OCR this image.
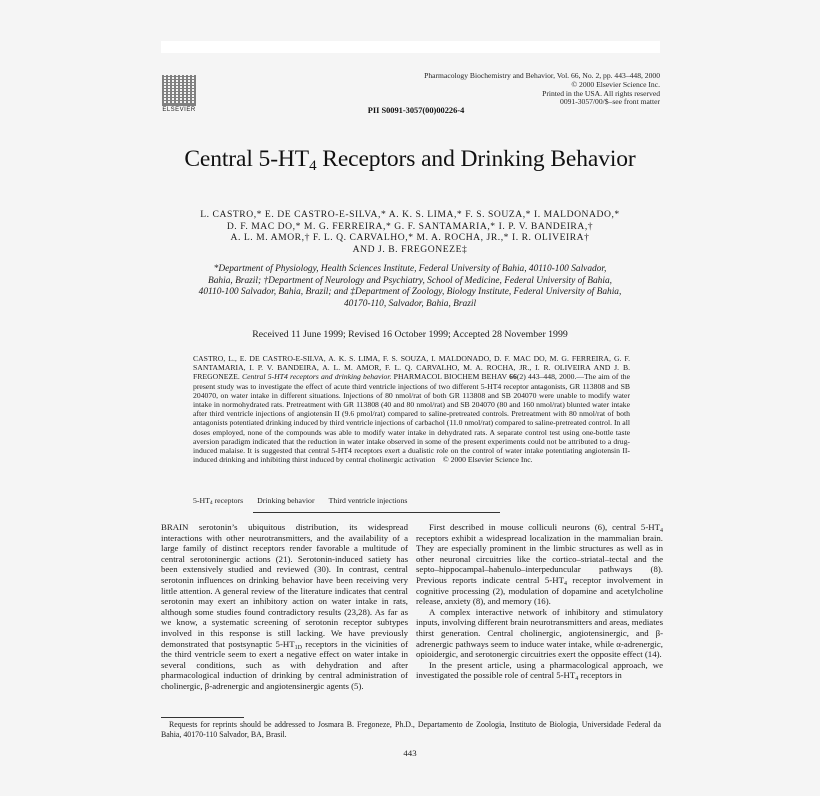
ELSEVIER
Pharmacology Biochemistry and Behavior, Vol. 66, No. 2, pp. 443–448, 2000
© 2000 Elsevier Science Inc.
Printed in the USA. All rights reserved
0091-3057/00/$–see front matter
PII S0091-3057(00)00226-4
Central $5-HT_4$ Receptors and Drinking Behavior
L. CASTRO,* E. DE CASTRO-E-SILVA,* A. K. S. LIMA,* F. S. SOUZA,* I. MALDONADO,*
D. F. MAC DO,* M. G. FERREIRA,* G. F. SANTAMARIA,* I. P. V. BANDEIRA,†
A. L. M. AMOR,† F. L. Q. CARVALHO,* M. A. ROCHA, JR.,* I. R. OLIVEIRA†
AND J. B. FREGONEZE‡
*Department of Physiology, Health Sciences Institute, Federal University of Bahia, 40110-100 Salvador,
Bahia, Brazil; †Department of Neurology and Psychiatry, School of Medicine, Federal University of Bahia,
40110-100 Salvador, Bahia, Brazil; and ‡Department of Zoology, Biology Institute, Federal University of Bahia,
40170-110, Salvador, Bahia, Brazil
Received 11 June 1999; Revised 16 October 1999; Accepted 28 November 1999
CASTRO, L., E. DE CASTRO-E-SILVA, A. K. S. LIMA, F. S. SOUZA, I. MALDONADO, D. F. MAC DO, M. G. FERREIRA, G. F. SANTAMARIA, I. P. V. BANDEIRA, A. L. M. AMOR, F. L. Q. CARVALHO, M. A. ROCHA, JR., I. R. OLIVEIRA AND J. B. FREGONEZE. Central 5-HT4 receptors and drinking behavior. PHARMACOL BIOCHEM BEHAV 66(2) 443–448, 2000.—The aim of the present study was to investigate the effect of acute third ventricle injections of two different 5-HT4 receptor antagonists, GR 113808 and SB 204070, on water intake in different situations. Injections of 80 nmol/rat of both GR 113808 and SB 204070 were unable to modify water intake in normohydrated rats. Pretreatment with GR 113808 (40 and 80 nmol/rat) and SB 204070 (80 and 160 nmol/rat) blunted water intake after third ventricle injections of angiotensin II (9.6 pmol/rat) compared to saline-pretreated controls. Pretreatment with 80 nmol/rat of both antagonists potentiated drinking induced by third ventricle injections of carbachol (11.0 nmol/rat) compared to saline-pretreated control. In all doses employed, none of the compounds was able to modify water intake in dehydrated rats. A separate control test using one-bottle taste aversion paradigm indicated that the reduction in water intake observed in some of the present experiments could not be attributed to a drug-induced malaise. It is suggested that central 5-HT4 receptors exert a dualistic role on the control of water intake potentiating angiotensin II-induced drinking and inhibiting thirst induced by central cholinergic activation © 2000 Elsevier Science Inc.
$5-HT_4$ receptors Drinking behavior Third ventricle injections

BRAIN serotonin’s ubiquitous distribution, its widespread interactions with other neurotransmitters, and the availability of a large family of distinct receptors render favorable a multitude of central serotoninergic actions (21). Serotonin-induced satiety has been extensively studied and reviewed (30). In contrast, central serotonin influences on drinking behavior have been receiving very little attention. A general review of the literature indicates that central serotonin may exert an inhibitory action on water intake in rats, although some studies found contradictory results (23,28). As far as we know, a systematic screening of serotonin receptor subtypes involved in this response is still lacking. We have previously demonstrated that postsynaptic $5-HT_{1D}$ receptors in the vicinities of the third ventricle seem to exert a negative effect on water intake in several conditions, such as with dehydration and after pharmacological induction of drinking by central administration of cholinergic, β-adrenergic and angiotensinergic agents (5).

First described in mouse colliculi neurons (6), central $5-HT_4$ receptors exhibit a widespread localization in the mammalian brain. They are especially prominent in the limbic structures as well as in other neuronal circuitries like the cortico–striatal–tectal and the septo–hippocampal–habenulo–interpeduncular pathways (8). Previous reports indicate central $5-HT_4$ receptor involvement in cognitive processing (2), modulation of dopamine and acetylcholine release, anxiety (8), and memory (16).

A complex interactive network of inhibitory and stimulatory inputs, involving different brain neurotransmitters and areas, mediates thirst generation. Central cholinergic, angiotensinergic, and β-adrenergic pathways seem to induce water intake, while α-adrenergic, opioidergic, and serotonergic circuitries exert the opposite effect (14).

In the present article, using a pharmacological approach, we investigated the possible role of central $5-HT_4$ receptors in

Requests for reprints should be addressed to Josmara B. Fregoneze, Ph.D., Departamento de Zoologia, Instituto de Biologia, Universidade Federal da Bahia, 40170-110 Salvador, BA, Brasil.
443
